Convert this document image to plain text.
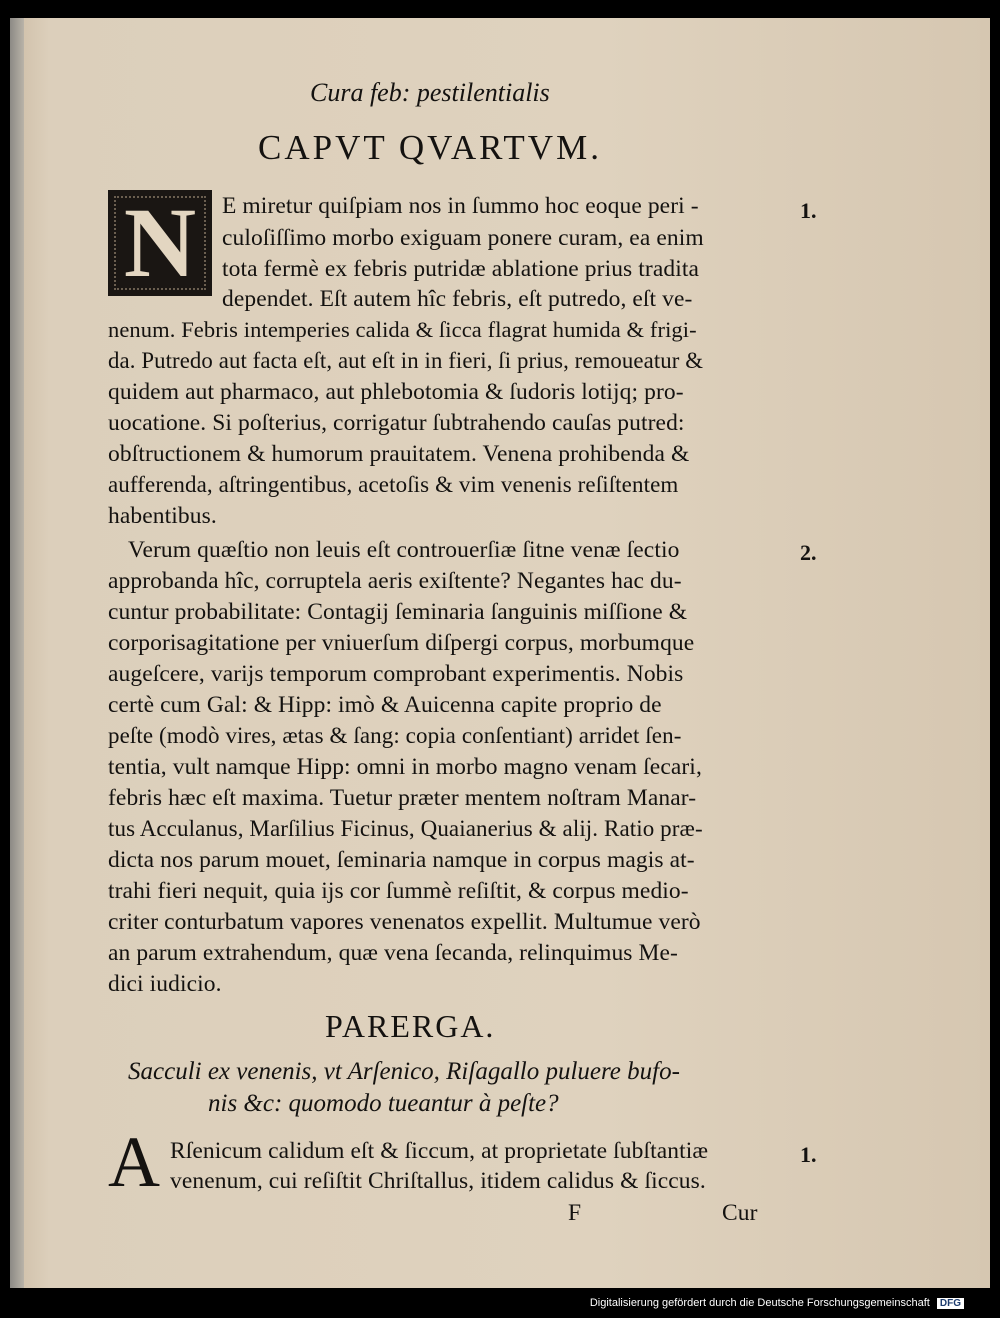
Cura feb: pestilentialis
CAPVT QVARTVM.
N	E miretur quiſpiam nos in ſummo hoc eoque peri -
culoſiſſimo morbo exiguam ponere curam, ea enim
tota fermè ex febris putridæ ablatione prius tradita
dependet. Eſt autem hîc febris, eſt putredo, eſt ve-
nenum. Febris intemperies calida & ſicca flagrat humida & frigi-
da. Putredo aut facta eſt, aut eſt in in fieri, ſi prius, remoueatur &
quidem aut pharmaco, aut phlebotomia & ſudoris lotijq; pro-
uocatione. Si poſterius, corrigatur ſubtrahendo cauſas putred:
obſtructionem & humorum prauitatem. Venena prohibenda &
aufferenda, aſtringentibus, acetoſis & vim venenis reſiſtentem
habentibus.
Verum quæſtio non leuis eſt controuerſiæ ſitne venæ ſectio
approbanda hîc, corruptela aeris exiſtente? Negantes hac du-
cuntur probabilitate: Contagij ſeminaria ſanguinis miſſione &
corporisagitatione per vniuerſum diſpergi corpus, morbumque
augeſcere, varijs temporum comprobant experimentis. Nobis
certè cum Gal: & Hipp: imò & Auicenna capite proprio de
peſte (modò vires, ætas & ſang: copia conſentiant) arridet ſen-
tentia, vult namque Hipp: omni in morbo magno venam ſecari,
febris hæc eſt maxima. Tuetur præter mentem noſtram Manar-
tus Acculanus, Marſilius Ficinus, Quaianerius & alij. Ratio præ-
dicta nos parum mouet, ſeminaria namque in corpus magis at-
trahi fieri nequit, quia ijs cor ſummè reſiſtit, & corpus medio-
criter conturbatum vapores venenatos expellit. Multumue verò
an parum extrahendum, quæ vena ſecanda, relinquimus Me-
dici iudicio.
PARERGA.
Sacculi ex venenis, vt Arſenico, Riſagallo puluere bufo-
nis &c: quomodo tueantur à peſte?
A Rſenicum calidum eſt & ſiccum, at proprietate ſubſtantiæ
venenum, cui reſiſtit Chriſtallus, itidem calidus & ſiccus.
F	Cur
1.
2.
1.
Digitalisierung gefördert durch die Deutsche Forschungsgemeinschaft DFG
